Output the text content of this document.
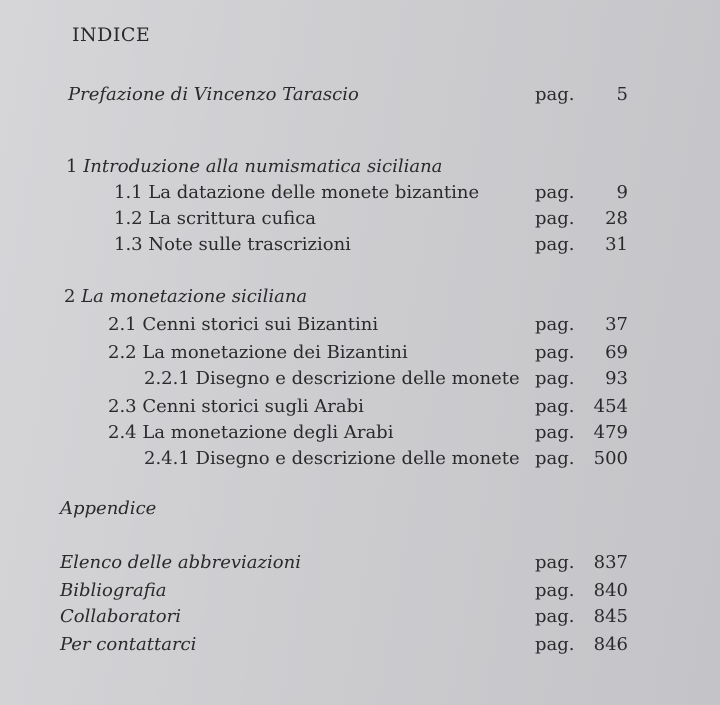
INDICE
Prefazione di Vincenzo Tarascio	pag. 5
1 Introduzione alla numismatica siciliana
1.1 La datazione delle monete bizantine	pag. 9
1.2 La scrittura cufica	pag. 28
1.3 Note sulle trascrizioni	pag. 31
2 La monetazione siciliana
2.1 Cenni storici sui Bizantini	pag. 37
2.2 La monetazione dei Bizantini	pag. 69
2.2.1 Disegno e descrizione delle monete pag. 93
2.3 Cenni storici sugli Arabi	pag. 454
2.4 La monetazione degli Arabi	pag. 479
2.4.1 Disegno e descrizione delle monete pag. 500
Appendice
Elenco delle abbreviazioni	pag. 837
Bibliografia	pag. 840
Collaboratori	pag. 845
Per contattarci	pag. 846
